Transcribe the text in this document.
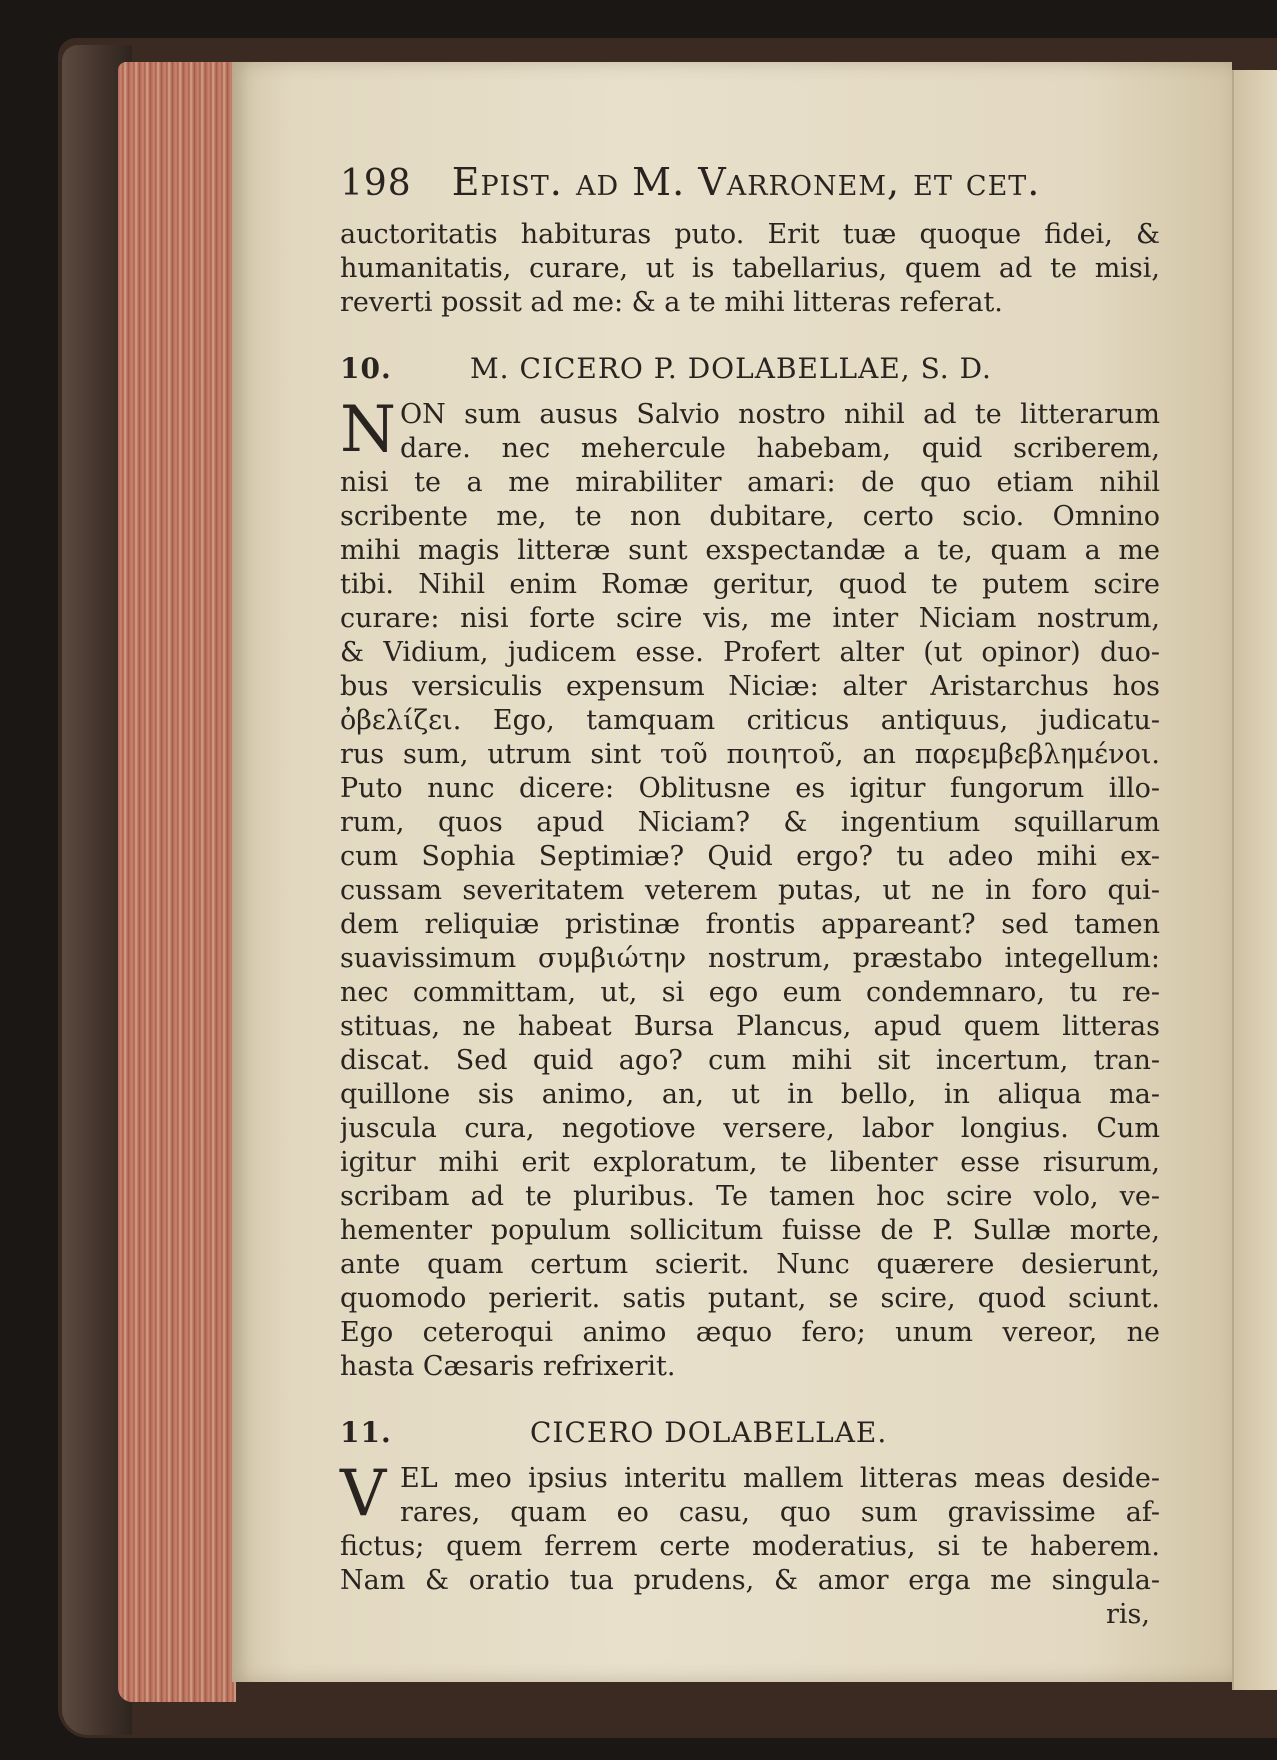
198 Epist. ad M. Varronem, et cet.
auctoritatis habituras puto. Erit tuæ quoque fidei, &
humanitatis, curare, ut is tabellarius, quem ad te misi,
reverti possit ad me: & a te mihi litteras referat.
10.	M. CICERO P. DOLABELLAE, S. D.
N ON sum ausus Salvio nostro nihil ad te litterarum
dare. nec mehercule habebam, quid scriberem,
nisi te a me mirabiliter amari: de quo etiam nihil
scribente me, te non dubitare, certo scio. Omnino
mihi magis litteræ sunt exspectandæ a te, quam a me
tibi. Nihil enim Romæ geritur, quod te putem scire
curare: nisi forte scire vis, me inter Niciam nostrum,
& Vidium, judicem esse. Profert alter (ut opinor) duo-
bus versiculis expensum Niciæ: alter Aristarchus hos
ὀβελίζει. Ego, tamquam criticus antiquus, judicatu-
rus sum, utrum sint τοῦ ποιητοῦ, an παρεμβεβλημένοι.
Puto nunc dicere: Oblitusne es igitur fungorum illo-
rum, quos apud Niciam? & ingentium squillarum
cum Sophia Septimiæ? Quid ergo? tu adeo mihi ex-
cussam severitatem veterem putas, ut ne in foro qui-
dem reliquiæ pristinæ frontis appareant? sed tamen
suavissimum συμβιώτην nostrum, præstabo integellum:
nec committam, ut, si ego eum condemnaro, tu re-
stituas, ne habeat Bursa Plancus, apud quem litteras
discat. Sed quid ago? cum mihi sit incertum, tran-
quillone sis animo, an, ut in bello, in aliqua ma-
juscula cura, negotiove versere, labor longius. Cum
igitur mihi erit exploratum, te libenter esse risurum,
scribam ad te pluribus. Te tamen hoc scire volo, ve-
hementer populum sollicitum fuisse de P. Sullæ morte,
ante quam certum scierit. Nunc quærere desierunt,
quomodo perierit. satis putant, se scire, quod sciunt.
Ego ceteroqui animo æquo fero; unum vereor, ne
hasta Cæsaris refrixerit.
11.	CICERO DOLABELLAE.
V EL meo ipsius interitu mallem litteras meas deside-
rares, quam eo casu, quo sum gravissime af-
fictus; quem ferrem certe moderatius, si te haberem.
Nam & oratio tua prudens, & amor erga me singula-
ris,
